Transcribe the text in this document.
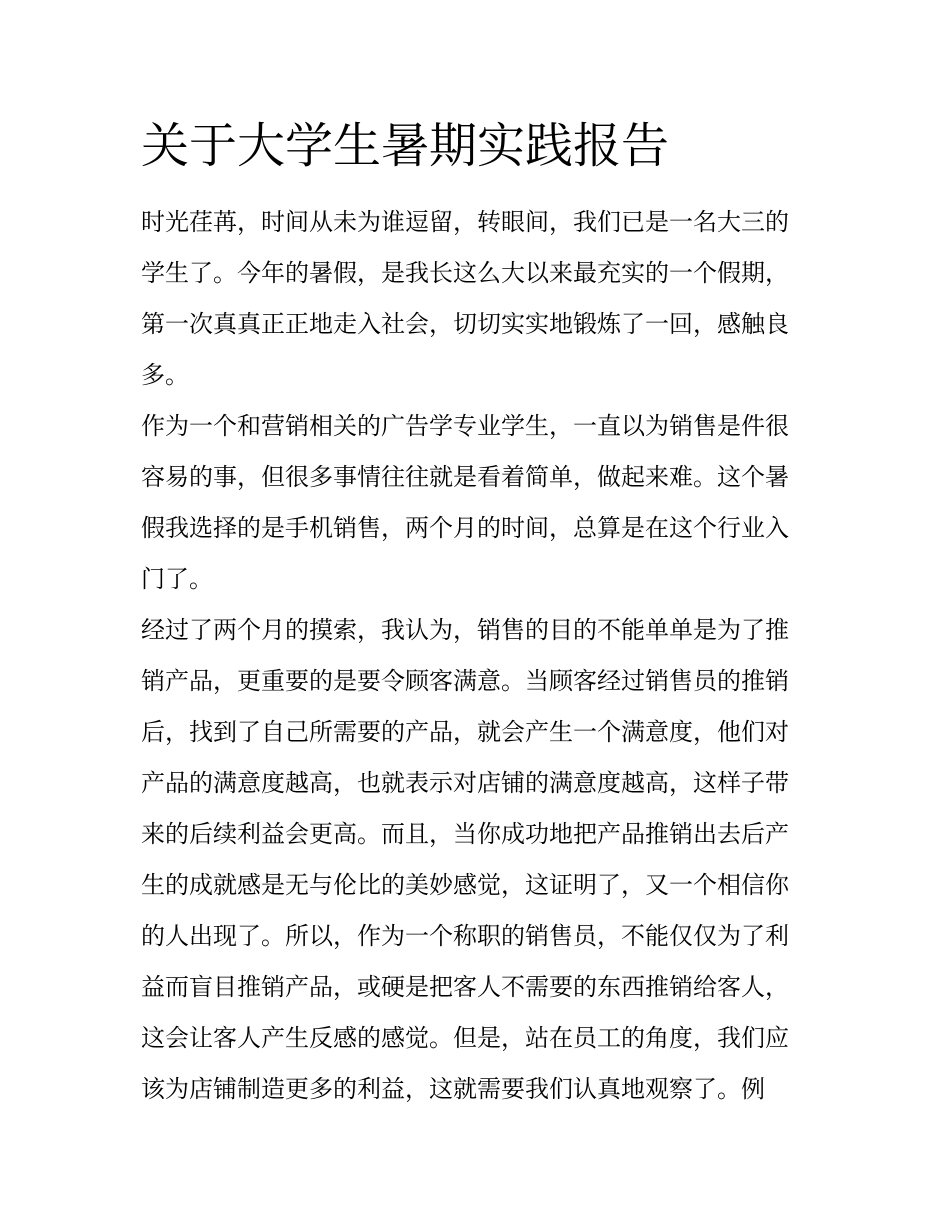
关于大学生暑期实践报告
时光荏苒，时间从未为谁逗留，转眼间，我们已是一名大三的
学生了。今年的暑假，是我长这么大以来最充实的一个假期，
第一次真真正正地走入社会，切切实实地锻炼了一回，感触良
多。
作为一个和营销相关的广告学专业学生，一直以为销售是件很
容易的事，但很多事情往往就是看着简单，做起来难。这个暑
假我选择的是手机销售，两个月的时间，总算是在这个行业入
门了。
经过了两个月的摸索，我认为，销售的目的不能单单是为了推
销产品，更重要的是要令顾客满意。当顾客经过销售员的推销
后，找到了自己所需要的产品，就会产生一个满意度，他们对
产品的满意度越高，也就表示对店铺的满意度越高，这样子带
来的后续利益会更高。而且，当你成功地把产品推销出去后产
生的成就感是无与伦比的美妙感觉，这证明了，又一个相信你
的人出现了。所以，作为一个称职的销售员，不能仅仅为了利
益而盲目推销产品，或硬是把客人不需要的东西推销给客人，
这会让客人产生反感的感觉。但是，站在员工的角度，我们应
该为店铺制造更多的利益，这就需要我们认真地观察了。例
